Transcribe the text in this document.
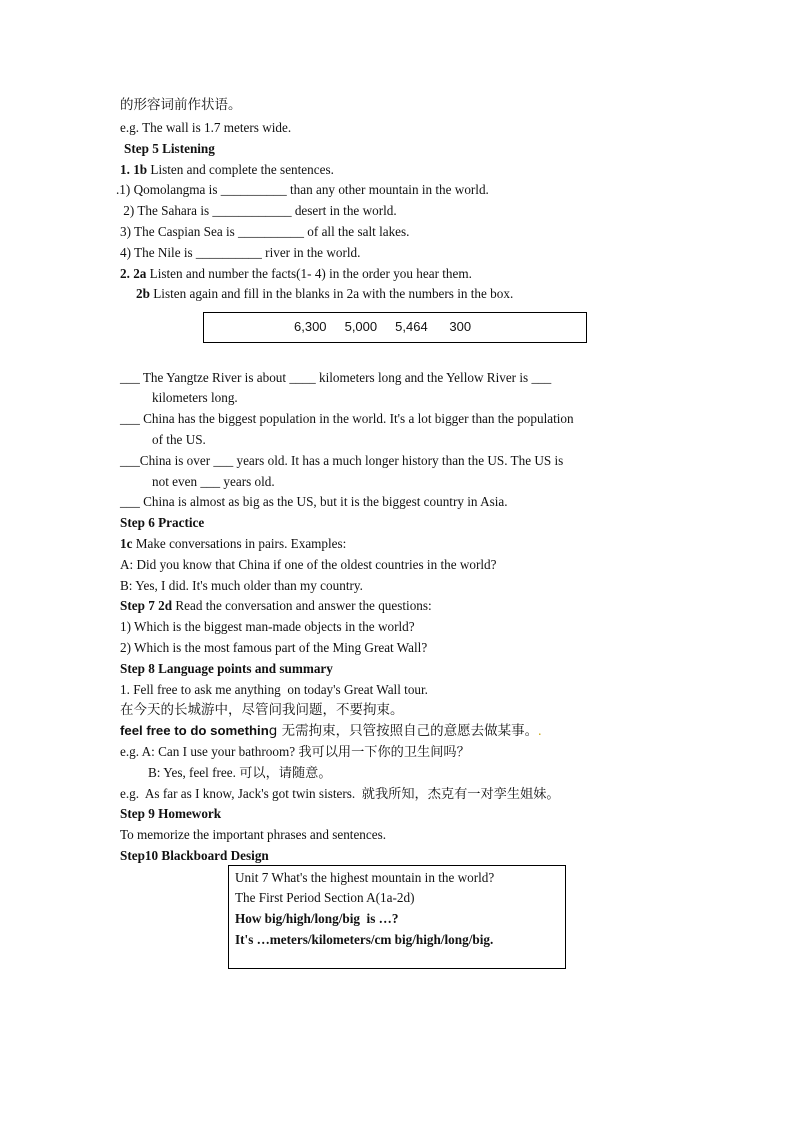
的形容词前作状语。
e.g. The wall is 1.7 meters wide.
Step 5 Listening
1. 1b Listen and complete the sentences.
.1) Qomolangma is __________ than any other mountain in the world.
2) The Sahara is ____________ desert in the world.
3) The Caspian Sea is __________ of all the salt lakes.
4) The Nile is __________ river in the world.
2. 2a Listen and number the facts(1- 4) in the order you hear them.
2b Listen again and fill in the blanks in 2a with the numbers in the box.
6,300     5,000     5,464      300
___ The Yangtze River is about ____ kilometers long and the Yellow River is ___
kilometers long.
___ China has the biggest population in the world. It's a lot bigger than the population
of the US.
___China is over ___ years old. It has a much longer history than the US. The US is
not even ___ years old.
___ China is almost as big as the US, but it is the biggest country in Asia.
Step 6 Practice
1c Make conversations in pairs. Examples:
A: Did you know that China if one of the oldest countries in the world?
B: Yes, I did. It's much older than my country.
Step 7 2d Read the conversation and answer the questions:
1) Which is the biggest man-made objects in the world?
2) Which is the most famous part of the Ming Great Wall?
Step 8 Language points and summary
1. Fell free to ask me anything  on today's Great Wall tour.
在今天的长城游中，尽管问我问题，不要拘束。
feel free to do something 无需拘束，只管按照自己的意愿去做某事。.
e.g. A: Can I use your bathroom? 我可以用一下你的卫生间吗？
B: Yes, feel free. 可以，请随意。
e.g.  As far as I know, Jack's got twin sisters.  就我所知，杰克有一对孪生姐妹。
Step 9 Homework
To memorize the important phrases and sentences.
Step10 Blackboard Design
Unit 7 What's the highest mountain in the world?
The First Period Section A(1a-2d)
How big/high/long/big  is …?
It's …meters/kilometers/cm big/high/long/big.
